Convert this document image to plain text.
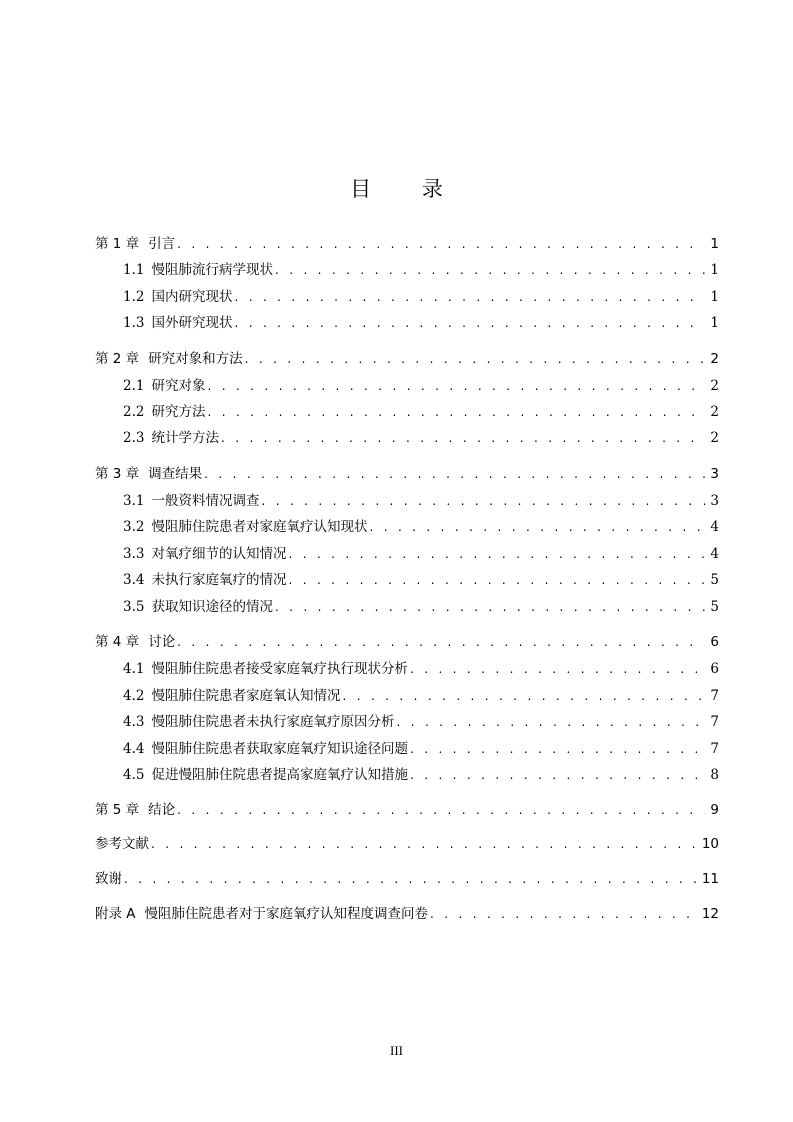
目 录
第 1 章 引言 . . .	1
1.1 慢阻肺流行病学现状 . . .	1
1.2 国内研究现状 . . .	1
1.3 国外研究现状 . . .	1
第 2 章 研究对象和方法 . . .	2
2.1 研究对象 . . .	2
2.2 研究方法 . . .	2
2.3 统计学方法 . . .	2
第 3 章 调查结果 . . .	3
3.1 一般资料情况调查 . . .	3
3.2 慢阻肺住院患者对家庭氧疗认知现状 . . .	4
3.3 对氧疗细节的认知情况 . . .	4
3.4 未执行家庭氧疗的情况 . . .	5
3.5 获取知识途径的情况 . . .	5
第 4 章 讨论 . . .	6
4.1 慢阻肺住院患者接受家庭氧疗执行现状分析 . . .	6
4.2 慢阻肺住院患者家庭氧认知情况 . . .	7
4.3 慢阻肺住院患者未执行家庭氧疗原因分析 . . .	7
4.4 慢阻肺住院患者获取家庭氧疗知识途径问题 . . .	7
4.5 促进慢阻肺住院患者提高家庭氧疗认知措施 . . .	8
第 5 章 结论 . . .	9
参考文献 . . .	10
致谢 . . .	11
附录 A 慢阻肺住院患者对于家庭氧疗认知程度调查问卷 . . .	12
III
